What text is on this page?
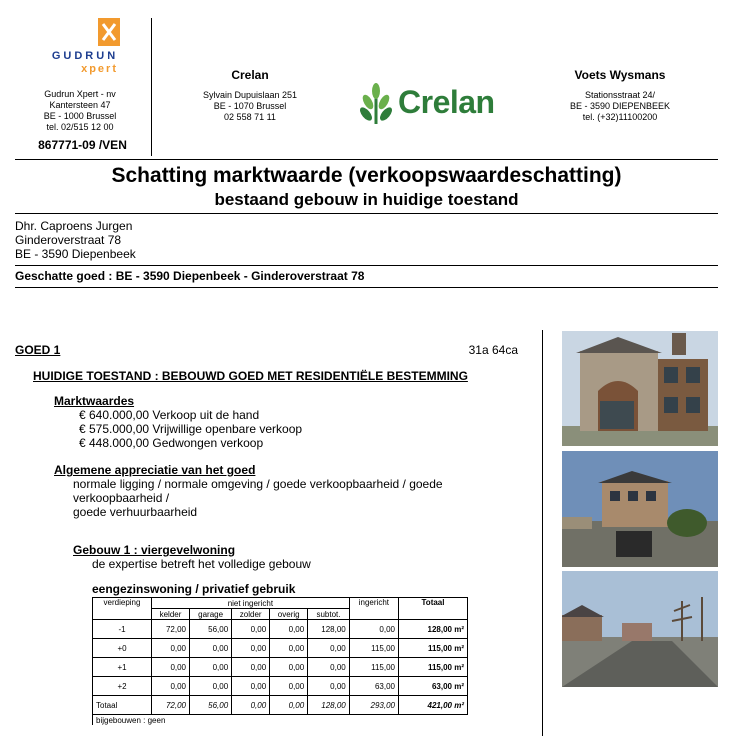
GUDRUN
xpert
Gudrun Xpert - nv
Kantersteen 47
BE - 1000 Brussel
tel. 02/515 12 00
867771-09 /VEN
Crelan
Sylvain Dupuislaan 251
BE - 1070 Brussel
02 558 71 11	Crelan
Voets Wysmans
Stationsstraat 24/
BE - 3590 DIEPENBEEK
tel. (+32)11100200
Schatting marktwaarde (verkoopswaardeschatting)
bestaand gebouw in huidige toestand
Dhr. Caproens Jurgen
Ginderoverstraat 78
BE - 3590 Diepenbeek
Geschatte goed : BE - 3590 Diepenbeek - Ginderoverstraat 78
GOED 1	31a 64ca
HUIDIGE TOESTAND : BEBOUWD GOED MET RESIDENTIËLE BESTEMMING
Marktwaardes
€ 640.000,00 Verkoop uit de hand
€ 575.000,00 Vrijwillige openbare verkoop
€ 448.000,00 Gedwongen verkoop
Algemene appreciatie van het goed
normale ligging / normale omgeving / goede verkoopbaarheid / goede verkoopbaarheid /
goede verhuurbaarheid
Gebouw 1 : viergevelwoning
de expertise betreft het volledige gebouw
eengezinswoning / privatief gebruik
verdieping	niet ingericht					ingericht	Totaal
	kelder	garage	zolder	overig	subtot.		
-1	72,00	56,00	0,00	0,00	128,00	0,00	128,00 m²
+0	0,00	0,00	0,00	0,00	0,00	115,00	115,00 m²
+1	0,00	0,00	0,00	0,00	0,00	115,00	115,00 m²
+2	0,00	0,00	0,00	0,00	0,00	63,00	63,00 m²
Totaal	72,00	56,00	0,00	0,00	128,00	293,00	421,00 m²
bijgebouwen : geen							
